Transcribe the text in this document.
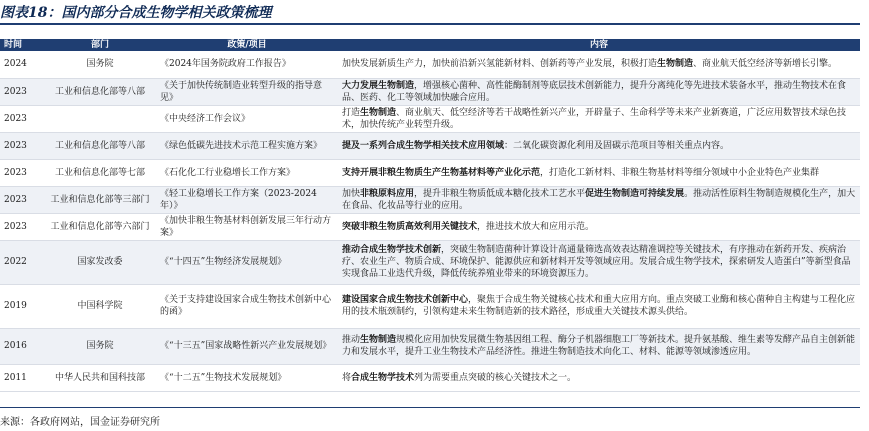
图表18：国内部分合成生物学相关政策梳理
时间	部门	政策/项目	内容
2024	国务院	《2024年国务院政府工作报告》	加快发展新质生产力，加快前沿新兴氢能新材料、创新药等产业发展，积极打造生物制造、商业航天低空经济等新增长引擎。
2023	工业和信息化部等八部	《关于加快传统制造业转型升级的指导意见》	大力发展生物制造，增强核心菌种、高性能酶制剂等底层技术创新能力，提升分离纯化等先进技术装备水平，推动生物技术在食品、医药、化工等领域加快融合应用。
2023		《中央经济工作会议》	打造生物制造、商业航天、低空经济等若干战略性新兴产业，开辟量子、生命科学等未来产业新赛道，广泛应用数智技术绿色技术，加快传统产业转型升级。
2023	工业和信息化部等八部	《绿色低碳先进技术示范工程实施方案》	提及一系列合成生物学相关技术应用领域：二氧化碳资源化利用及固碳示范项目等相关重点内容。
2023	工业和信息化部等七部	《石化化工行业稳增长工作方案》	支持开展非粮生物质生产生物基材料等产业化示范，打造化工新材料、非粮生物基材料等细分领域中小企业特色产业集群
2023	工业和信息化部等三部门	《轻工业稳增长工作方案（2023-2024年）》	加快非粮原料应用，提升非粮生物质低成本糖化技术工艺水平促进生物制造可持续发展。推动活性原料生物制造规模化生产，加大在食品、化妆品等行业的应用。
2023	工业和信息化部等六部门	《加快非粮生物基材料创新发展三年行动方案》	突破非粮生物质高效利用关键技术，推进技术放大和应用示范。
2022	国家发改委	《“十四五”生物经济发展规划》	推动合成生物学技术创新，突破生物制造菌种计算设计高通量筛选高效表达精准调控等关键技术，有序推动在新药开发、疾病治疗、农业生产、物质合成、环境保护、能源供应和新材料开发等领域应用。发展合成生物学技术，探索研发人造蛋白”等新型食品实现食品工业迭代升级，降低传统养殖业带来的环境资源压力。
2019	中国科学院	《关于支持建设国家合成生物技术创新中心的函》	建设国家合成生物技术创新中心，聚焦于合成生物关键核心技术和重大应用方向。重点突破工业酶和核心菌种自主构建与工程化应用的技术瓶颈制约，引领构建未来生物制造新的技术路径，形成重大关键技术源头供给。
2016	国务院	《“十三五”国家战略性新兴产业发展规划》	推动生物制造规模化应用加快发展微生物基因组工程、酶分子机器细胞工厂等新技术。提升氨基酸、维生素等发酵产品自主创新能力和发展水平，提升工业生物技术产品经济性。推进生物制造技术向化工、材料、能源等领域渗透应用。
2011	中华人民共和国科技部	《“十二五”生物技术发展规划》	将合成生物学技术列为需要重点突破的核心关键技术之一。
来源：各政府网站，国金证券研究所
